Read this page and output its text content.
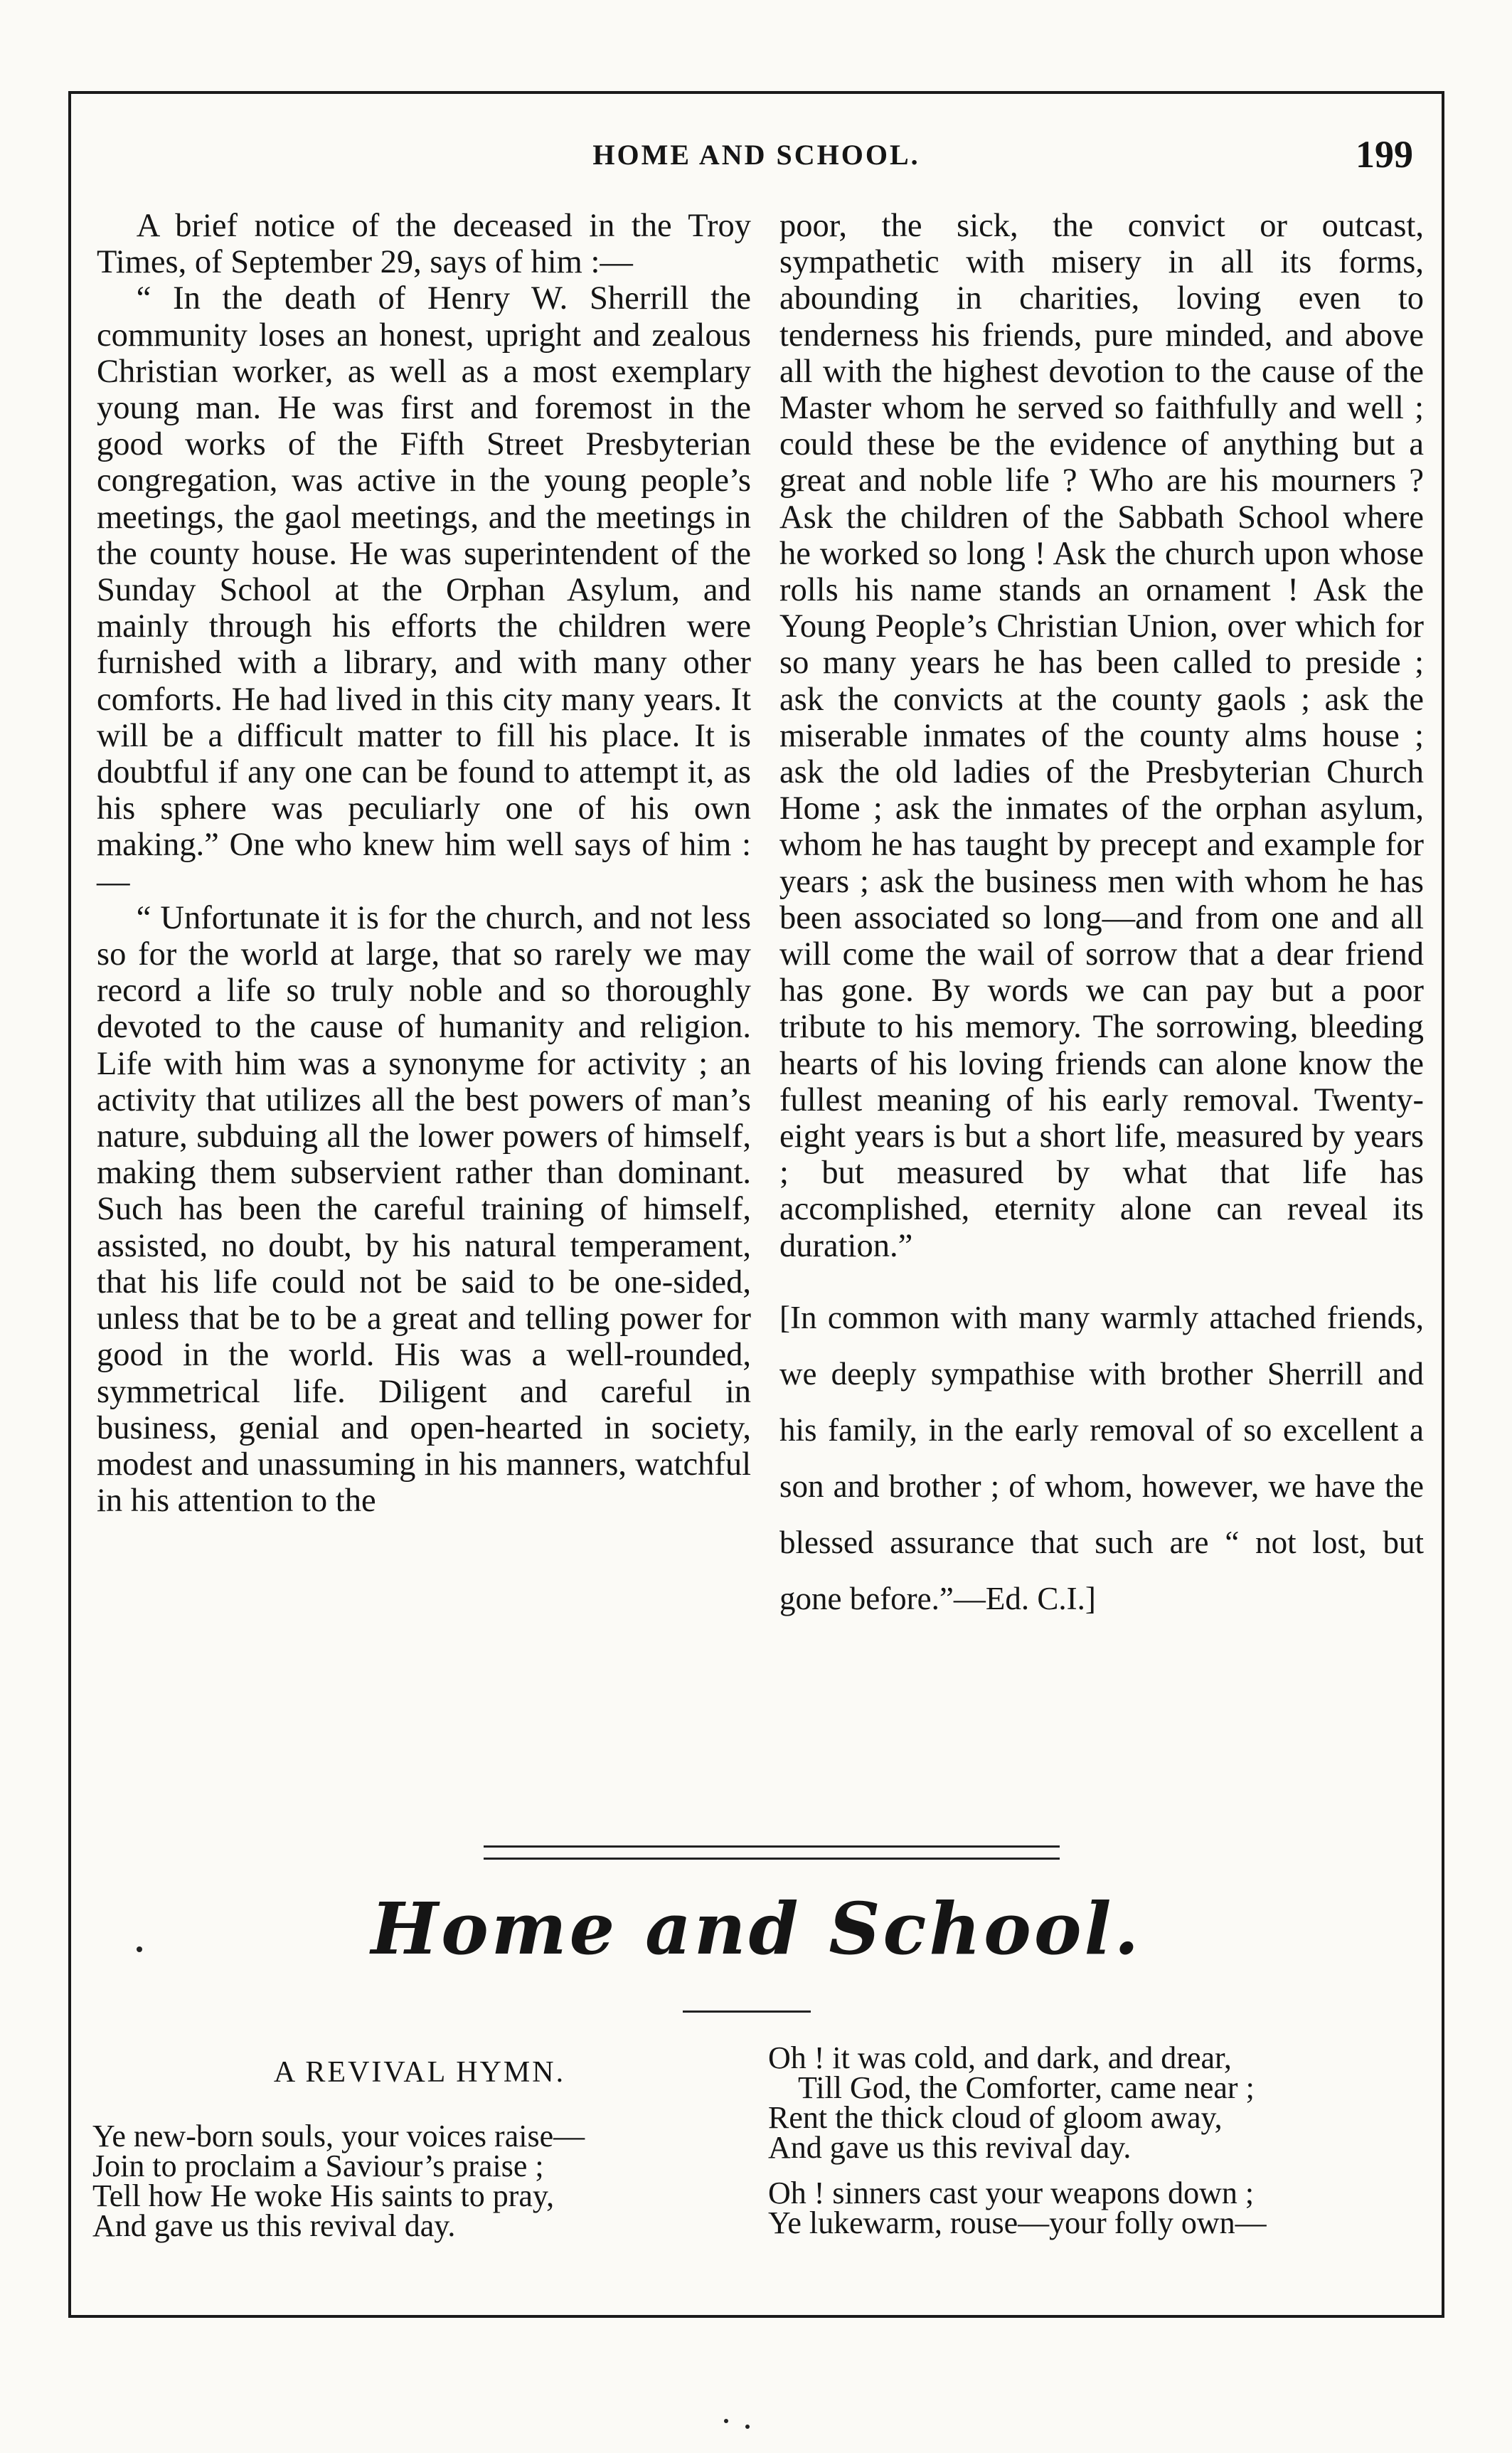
HOME AND SCHOOL.	199

A brief notice of the deceased in the Troy Times, of September 29, says of him :—

“ In the death of Henry W. Sherrill the community loses an honest, upright and zealous Christian worker, as well as a most exemplary young man. He was first and foremost in the good works of the Fifth Street Presbyterian congregation, was active in the young people’s meetings, the gaol meetings, and the meetings in the county house. He was superintendent of the Sunday School at the Orphan Asylum, and mainly through his efforts the children were furnished with a library, and with many other comforts. He had lived in this city many years. It will be a difficult matter to fill his place. It is doubtful if any one can be found to attempt it, as his sphere was peculiarly one of his own making.” One who knew him well says of him :—

“ Unfortunate it is for the church, and not less so for the world at large, that so rarely we may record a life so truly noble and so thoroughly devoted to the cause of humanity and religion. Life with him was a synonyme for activity ; an activity that utilizes all the best powers of man’s nature, subduing all the lower powers of himself, making them subservient rather than dominant. Such has been the careful training of himself, assisted, no doubt, by his natural temperament, that his life could not be said to be one-sided, unless that be to be a great and telling power for good in the world. His was a well-rounded, symmetrical life. Diligent and careful in business, genial and open-hearted in society, modest and unassuming in his manners, watchful in his attention to the

poor, the sick, the convict or outcast, sympathetic with misery in all its forms, abounding in charities, loving even to tenderness his friends, pure minded, and above all with the highest devotion to the cause of the Master whom he served so faithfully and well ; could these be the evidence of anything but a great and noble life ? Who are his mourners ? Ask the children of the Sabbath School where he worked so long ! Ask the church upon whose rolls his name stands an ornament ! Ask the Young People’s Christian Union, over which for so many years he has been called to preside ; ask the convicts at the county gaols ; ask the miserable inmates of the county alms house ; ask the old ladies of the Presbyterian Church Home ; ask the inmates of the orphan asylum, whom he has taught by precept and example for years ; ask the business men with whom he has been associated so long—and from one and all will come the wail of sorrow that a dear friend has gone. By words we can pay but a poor tribute to his memory. The sorrowing, bleeding hearts of his loving friends can alone know the fullest meaning of his early removal. Twenty-eight years is but a short life, measured by years ; but measured by what that life has accomplished, eternity alone can reveal its duration.”

[In common with many warmly attached friends, we deeply sympathise with brother Sherrill and his family, in the early removal of so excellent a son and brother ; of whom, however, we have the blessed assurance that such are “ not lost, but gone before.”—Ed. C.I.]

Home and School.
A REVIVAL HYMN.
Ye new-born souls, your voices raise—
Join to proclaim a Saviour’s praise ;
Tell how He woke His saints to pray,
And gave us this revival day.
Oh ! it was cold, and dark, and drear,
Till God, the Comforter, came near ;
Rent the thick cloud of gloom away,
And gave us this revival day.
Oh ! sinners cast your weapons down ;
Ye lukewarm, rouse—your folly own—
